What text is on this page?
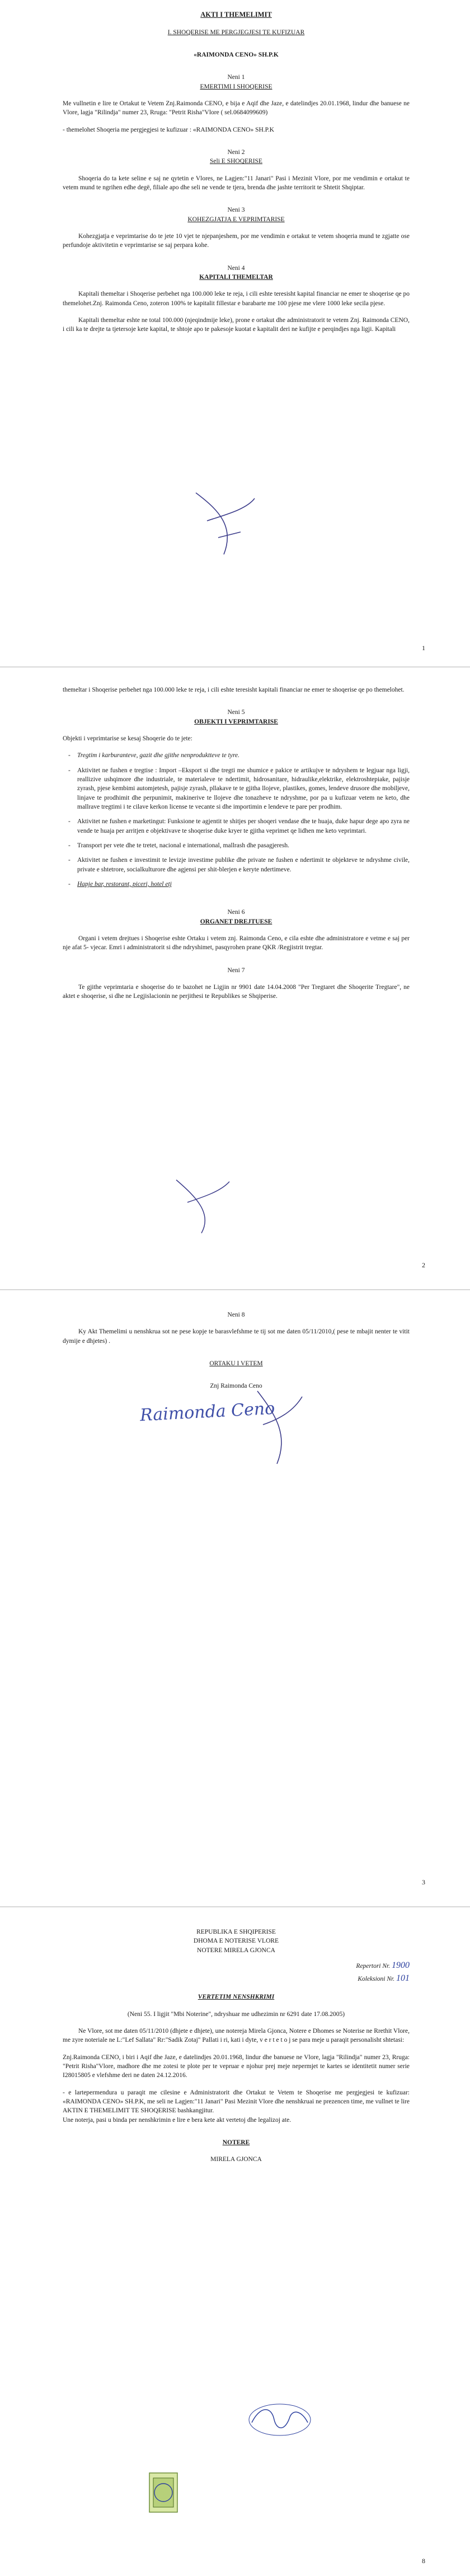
AKTI I THEMELIMIT
I. SHOQERISE ME PERGJEGJESI TE KUFIZUAR
«RAIMONDA CENO» SH.P.K
Neni 1
EMERTIMI I SHOQERISE
Me vullnetin e lire te Ortakut te Vetem Znj.Raimonda CENO, e bija e Aqif dhe Jaze, e datelindjes 20.01.1968, lindur dhe banuese ne Vlore, lagja "Rilindja" numer 23, Rruga: "Petrit Risha"Vlore ( sel.0684099609)
- themelohet Shoqeria me pergjegjesi te kufizuar : «RAIMONDA CENO» SH.P.K
Neni 2
Seli E SHOQERISE
Shoqeria do ta kete seline e saj ne qytetin e Vlores, ne Lagjen:"11 Janari" Pasi i Mezinit Vlore, por me vendimin e ortakut te vetem mund te ngrihen edhe degë, filiale apo dhe seli ne vende te tjera, brenda dhe jashte territorit te Shtetit Shqiptar.
Neni 3
KOHEZGJATJA E VEPRIMTARISE
Kohezgjatja e veprimtarise do te jete 10 vjet te njepanjeshem, por me vendimin e ortakut te vetem shoqeria mund te zgjatte ose perfundoje aktivitetin e veprimtarise se saj perpara kohe.
Neni 4
KAPITALI THEMELTAR
Kapitali themeltar i Shoqerise perbehet nga 100.000 leke te reja, i cili eshte teresisht kapital financiar ne emer te shoqerise qe po themelohet.Znj. Raimonda Ceno, zoteron 100% te kapitalit fillestar e barabarte me 100 pjese me vlere 1000 leke secila pjese.
Kapitali themeltar eshte ne total 100.000 (njeqindmije leke), prone e ortakut dhe administratorit te vetem Znj. Raimonda CENO, i cili ka te drejte ta tjetersoje kete kapital, te shtoje apo te pakesoje kuotat e kapitalit deri ne kufijte e perqindjes nga ligji. Kapitali
1
themeltar i Shoqerise perbehet nga 100.000 leke te reja, i cili eshte teresisht kapitali financiar ne emer te shoqerise qe po themelohet.
Neni 5
OBJEKTI I VEPRIMTARISE
Objekti i veprimtarise se kesaj Shoqerie do te jete:
- Tregtim i karburanteve, gazit dhe gjithe nenproduktteve te tyre.
- Aktivitet ne fushen e tregtise : Import –Eksport si dhe tregti me shumice e pakice te artikujve te ndryshem te legjuar nga ligji, reallizive ushqimore dhe industriale, te materialeve te ndertimit, hidrosanitare, hidraulike,elektrike, elektroshtepiake, pajisje zyrash, pjese kembimi automjetesh, pajisje zyrash, pllakave te te gjitha llojeve, plastikes, gomes, lendeve drusore dhe mobiljeve, linjave te prodhimit dhe perpunimit, makinerive te llojeve dhe tonazheve te ndryshme, por pa u kufizuar vetem ne keto, dhe mallrave tregtimi i te cilave kerkon license te vecante si dhe importimin e lendeve te pare per prodhim.
- Aktivitet ne fushen e marketingut: Funksione te agjentit te shitjes per shoqeri vendase dhe te huaja, duke hapur dege apo zyra ne vende te huaja per arritjen e objektivave te shoqerise duke kryer te gjitha veprimet qe lidhen me keto veprimtari.
- Transport per vete dhe te tretet, nacional e international, mallrash dhe pasagjeresh.
- Aktivitet ne fushen e investimit te levizje investime publike dhe private ne fushen e ndertimit te objekteve te ndryshme civile, private e shtetrore, socialkulturore dhe agjensi per shit-blerjen e keryte ndertimeve.
- Hapje bar, restorant, piceri, hotel etj
Neni 6
ORGANET DREJTUESE
Organi i vetem drejtues i Shoqerise eshte Ortaku i vetem znj. Raimonda Ceno, e cila eshte dhe administratore e vetme e saj per nje afat 5- vjecar. Emri i administratorit si dhe ndryshimet, pasqyrohen prane QKR /Regjistrit tregtar.
Neni 7
Te gjithe veprimtaria e shoqerise do te bazohet ne Ligjin nr 9901 date 14.04.2008 "Per Tregtaret dhe Shoqerite Tregtare", ne aktet e shoqerise, si dhe ne Legjislacionin ne perjithesi te Republikes se Shqiperise.
2
Neni 8
Ky Akt Themelimi u nenshkrua sot ne pese kopje te barasvlefshme te tij sot me daten 05/11/2010,( pese te mbajit nenter te vitit dymije e dhjetes) .
ORTAKU I VETEM
Znj Raimonda Ceno
Raimonda Ceno
3
REPUBLIKA E SHQIPERISE
DHOMA E NOTERISE VLORE
NOTERE MIRELA GJONCA
Repertori Nr. 1900
Koleksioni Nr. 101
VERTETIM NENSHKRIMI
(Neni 55. I ligjit "Mbi Noterine", ndryshuar me udhezimin nr 6291 date 17.08.2005)
Ne Vlore, sot me daten 05/11/2010 (dhjete e dhjete), une notereja Mirela Gjonca, Notere e Dhomes se Noterise ne Rrethit Vlore, me zyre noteriale ne L:"Lef Sallata" Rr:"Sadik Zotaj" Pallati i ri, kati i dyte, v e r t e t o j se para meje u paraqit personalisht shtetasi:
Znj.Raimonda CENO, i biri i Aqif dhe Jaze, e datelindjes 20.01.1968, lindur dhe banuese ne Vlore, lagja "Rilindja" numer 23, Rruga: "Petrit Risha"Vlore, madhore dhe me zotesi te plote per te vepruar e njohur prej meje nepermjet te kartes se identitetit numer serie I28015805 e vlefshme deri ne daten 24.12.2016.
- e lartepermendura u paraqit me cilesine e Administratorit dhe Ortakut te Vetem te Shoqerise me pergjegjesi te kufizuar: «RAIMONDA CENO» SH.P.K, me seli ne Lagjen:"11 Janari" Pasi Mezinit Vlore dhe nenshkruai ne prezencen time, me vullnet te lire AKTIN E THEMELIMIT TE SHOQERISE bashkangjitur.
Une noterja, pasi u binda per nenshkrimin e lire e bera kete akt vertetoj dhe legalizoj ate.
NOTERE
MIRELA GJONCA
8
